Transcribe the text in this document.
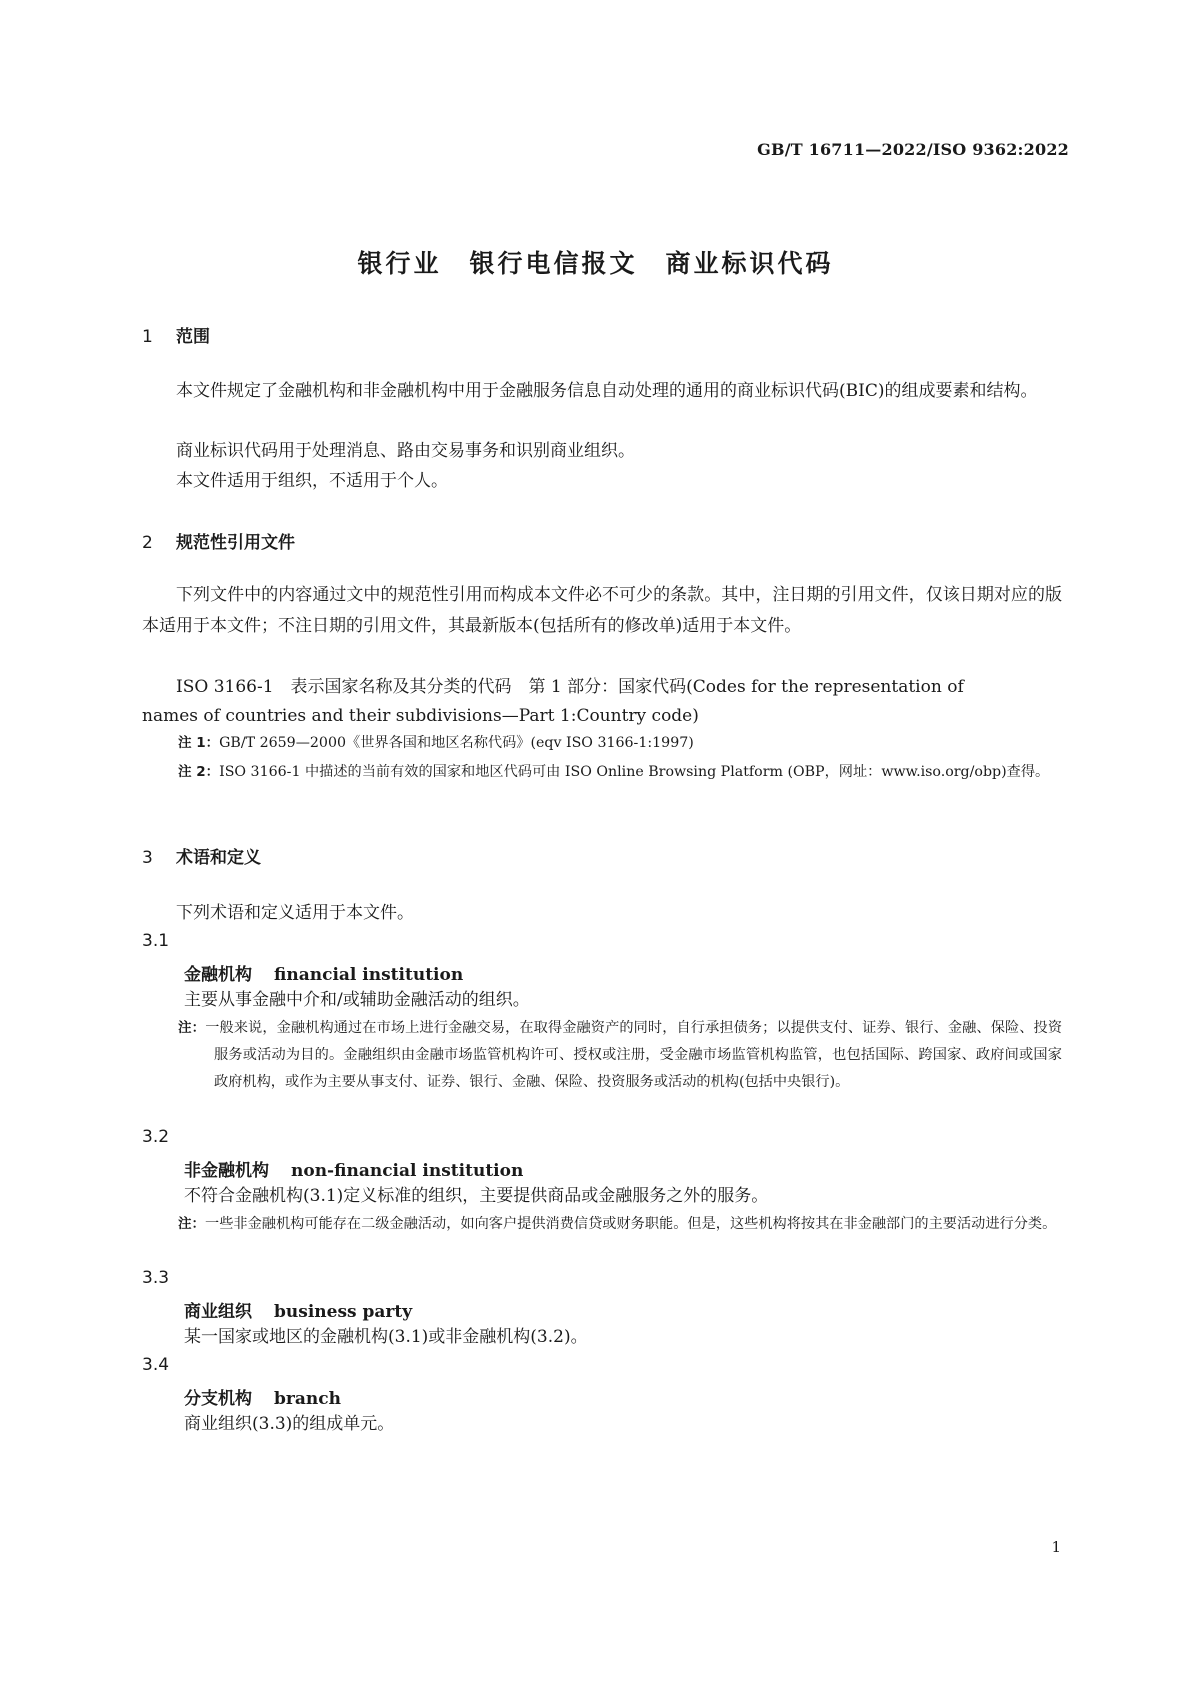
GB/T 16711—2022/ISO 9362:2022
银行业　银行电信报文　商业标识代码
1 范围
本文件规定了金融机构和非金融机构中用于金融服务信息自动处理的通用的商业标识代码(BIC)的组成要素和结构。
商业标识代码用于处理消息、路由交易事务和识别商业组织。
本文件适用于组织，不适用于个人。
2 规范性引用文件
下列文件中的内容通过文中的规范性引用而构成本文件必不可少的条款。其中，注日期的引用文件，仅该日期对应的版本适用于本文件；不注日期的引用文件，其最新版本(包括所有的修改单)适用于本文件。
ISO 3166-1　表示国家名称及其分类的代码　第 1 部分：国家代码(Codes for the representation of
names of countries and their subdivisions—Part 1:Country code)
注 1：GB/T 2659—2000《世界各国和地区名称代码》(eqv ISO 3166-1:1997)
注 2：ISO 3166-1 中描述的当前有效的国家和地区代码可由 ISO Online Browsing Platform (OBP，网址：www.iso.org/obp)查得。
3 术语和定义
下列术语和定义适用于本文件。
3.1
金融机构 financial institution
主要从事金融中介和/或辅助金融活动的组织。
注：一般来说，金融机构通过在市场上进行金融交易，在取得金融资产的同时，自行承担债务；以提供支付、证券、银行、金融、保险、投资服务或活动为目的。金融组织由金融市场监管机构许可、授权或注册，受金融市场监管机构监管，也包括国际、跨国家、政府间或国家政府机构，或作为主要从事支付、证券、银行、金融、保险、投资服务或活动的机构(包括中央银行)。
3.2
非金融机构 non-financial institution
不符合金融机构(3.1)定义标准的组织，主要提供商品或金融服务之外的服务。
注：一些非金融机构可能存在二级金融活动，如向客户提供消费信贷或财务职能。但是，这些机构将按其在非金融部门的主要活动进行分类。
3.3
商业组织 business party
某一国家或地区的金融机构(3.1)或非金融机构(3.2)。
3.4
分支机构 branch
商业组织(3.3)的组成单元。
1
